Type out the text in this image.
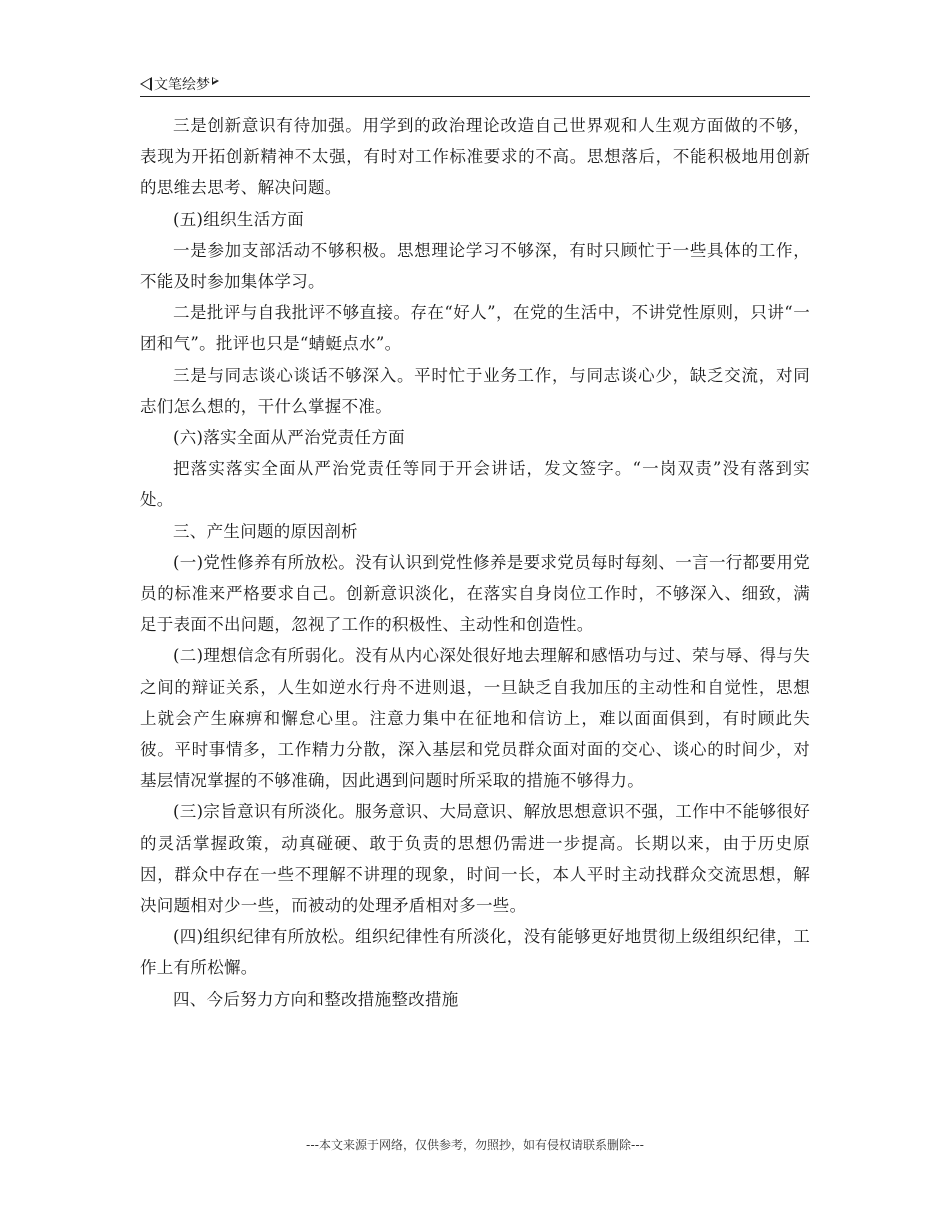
文笔绘梦

三是创新意识有待加强。用学到的政治理论改造自己世界观和人生观方面做的不够，表现为开拓创新精神不太强，有时对工作标准要求的不高。思想落后，不能积极地用创新的思维去思考、解决问题。

(五)组织生活方面

一是参加支部活动不够积极。思想理论学习不够深，有时只顾忙于一些具体的工作，不能及时参加集体学习。

二是批评与自我批评不够直接。存在“好人”，在党的生活中，不讲党性原则，只讲“一团和气”。批评也只是“蜻蜓点水”。

三是与同志谈心谈话不够深入。平时忙于业务工作，与同志谈心少，缺乏交流，对同志们怎么想的，干什么掌握不准。

(六)落实全面从严治党责任方面

把落实落实全面从严治党责任等同于开会讲话，发文签字。“一岗双责”没有落到实处。

三、产生问题的原因剖析

(一)党性修养有所放松。没有认识到党性修养是要求党员每时每刻、一言一行都要用党员的标准来严格要求自己。创新意识淡化，在落实自身岗位工作时，不够深入、细致，满足于表面不出问题，忽视了工作的积极性、主动性和创造性。

(二)理想信念有所弱化。没有从内心深处很好地去理解和感悟功与过、荣与辱、得与失之间的辩证关系，人生如逆水行舟不进则退，一旦缺乏自我加压的主动性和自觉性，思想上就会产生麻痹和懈怠心里。注意力集中在征地和信访上，难以面面俱到，有时顾此失彼。平时事情多，工作精力分散，深入基层和党员群众面对面的交心、谈心的时间少，对基层情况掌握的不够准确，因此遇到问题时所采取的措施不够得力。

(三)宗旨意识有所淡化。服务意识、大局意识、解放思想意识不强，工作中不能够很好的灵活掌握政策，动真碰硬、敢于负责的思想仍需进一步提高。长期以来，由于历史原因，群众中存在一些不理解不讲理的现象，时间一长，本人平时主动找群众交流思想，解决问题相对少一些，而被动的处理矛盾相对多一些。

(四)组织纪律有所放松。组织纪律性有所淡化，没有能够更好地贯彻上级组织纪律，工作上有所松懈。

四、今后努力方向和整改措施整改措施

---本文来源于网络，仅供参考，勿照抄，如有侵权请联系删除---
